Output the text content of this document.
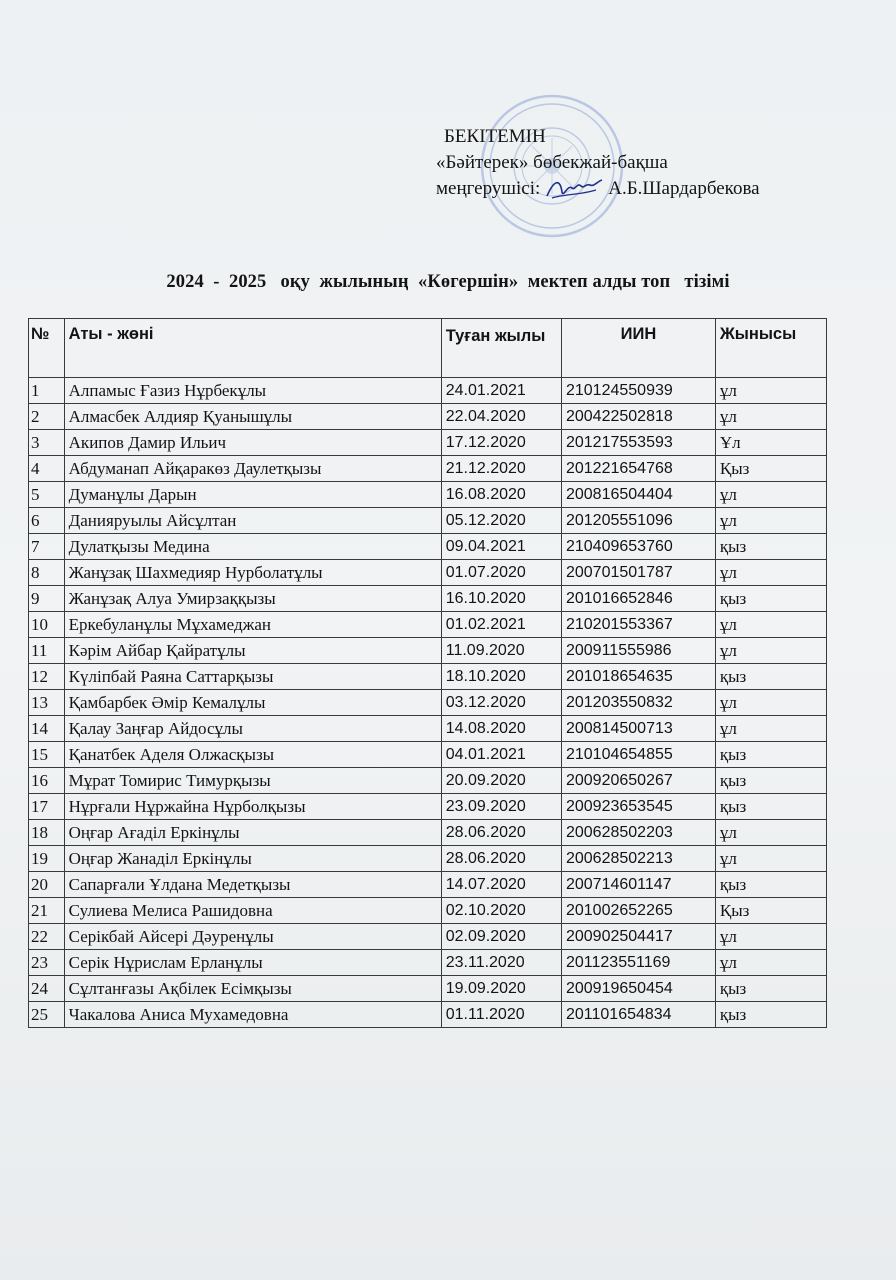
БЕКІТЕМІН
«Бәйтерек» бөбекжай-бақша
меңгерушісі:	А.Б.Шардарбекова
2024  -  2025   оқу  жылының  «Көгершін»  мектеп алды топ   тізімі
№	Аты - жөні	Туған жылы	ИИН	Жынысы
1	Алпамыс Ғазиз Нұрбекұлы	24.01.2021	210124550939	ұл
2	Алмасбек Алдияр Қуанышұлы	22.04.2020	200422502818	ұл
3	Акипов Дамир Ильич	17.12.2020	201217553593	Ұл
4	Абдуманап Айқаракөз Даулетқызы	21.12.2020	201221654768	Қыз
5	Думанұлы Дарын	16.08.2020	200816504404	ұл
6	Данияруылы Айсұлтан	05.12.2020	201205551096	ұл
7	Дулатқызы Медина	09.04.2021	210409653760	қыз
8	Жанұзақ Шахмедияр Нурболатұлы	01.07.2020	200701501787	ұл
9	Жанұзақ Алуа Умирзаққызы	16.10.2020	201016652846	қыз
10	Еркебуланұлы Мұхамеджан	01.02.2021	210201553367	ұл
11	Кәрім Айбар Қайратұлы	11.09.2020	200911555986	ұл
12	Күліпбай Раяна Саттарқызы	18.10.2020	201018654635	қыз
13	Қамбарбек Әмір Кемалұлы	03.12.2020	201203550832	ұл
14	Қалау Заңғар Айдосұлы	14.08.2020	200814500713	ұл
15	Қанатбек Аделя Олжасқызы	04.01.2021	210104654855	қыз
16	Мұрат Томирис Тимурқызы	20.09.2020	200920650267	қыз
17	Нұрғали Нұржайна Нұрболқызы	23.09.2020	200923653545	қыз
18	Оңғар Ағаділ Еркінұлы	28.06.2020	200628502203	ұл
19	Оңғар Жанаділ Еркінұлы	28.06.2020	200628502213	ұл
20	Сапарғали Ұлдана Медетқызы	14.07.2020	200714601147	қыз
21	Сулиева Мелиса Рашидовна	02.10.2020	201002652265	Қыз
22	Серікбай Айсері Дәуренұлы	02.09.2020	200902504417	ұл
23	Серік Нұрислам Ерланұлы	23.11.2020	201123551169	ұл
24	Сұлтанғазы Ақбілек Есімқызы	19.09.2020	200919650454	қыз
25	Чакалова Аниса Мухамедовна	01.11.2020	201101654834	қыз
